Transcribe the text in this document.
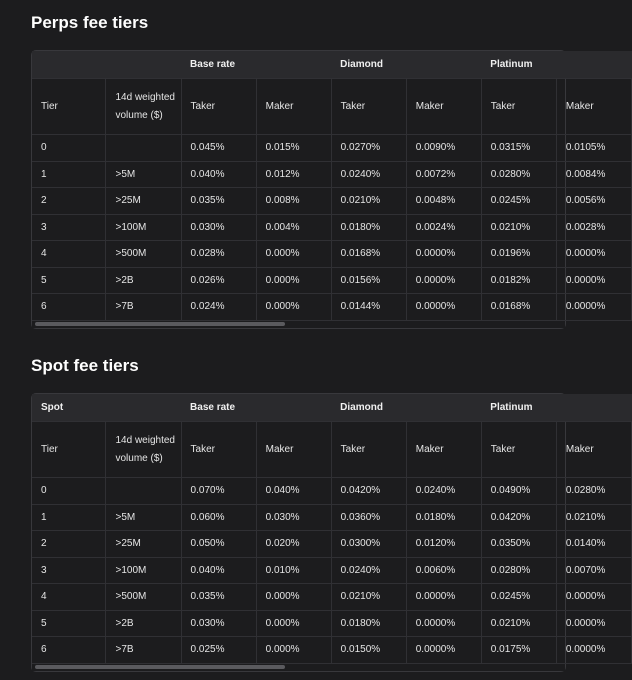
Perps fee tiers
		Base rate		Diamond		Platinum	
Tier	14d weighted volume ($)	Taker	Maker	Taker	Maker	Taker	Maker
0		0.045%	0.015%	0.0270%	0.0090%	0.0315%	0.0105%
1	>5M	0.040%	0.012%	0.0240%	0.0072%	0.0280%	0.0084%
2	>25M	0.035%	0.008%	0.0210%	0.0048%	0.0245%	0.0056%
3	>100M	0.030%	0.004%	0.0180%	0.0024%	0.0210%	0.0028%
4	>500M	0.028%	0.000%	0.0168%	0.0000%	0.0196%	0.0000%
5	>2B	0.026%	0.000%	0.0156%	0.0000%	0.0182%	0.0000%
6	>7B	0.024%	0.000%	0.0144%	0.0000%	0.0168%	0.0000%
Spot fee tiers
Spot		Base rate		Diamond		Platinum	
Tier	14d weighted volume ($)	Taker	Maker	Taker	Maker	Taker	Maker
0		0.070%	0.040%	0.0420%	0.0240%	0.0490%	0.0280%
1	>5M	0.060%	0.030%	0.0360%	0.0180%	0.0420%	0.0210%
2	>25M	0.050%	0.020%	0.0300%	0.0120%	0.0350%	0.0140%
3	>100M	0.040%	0.010%	0.0240%	0.0060%	0.0280%	0.0070%
4	>500M	0.035%	0.000%	0.0210%	0.0000%	0.0245%	0.0000%
5	>2B	0.030%	0.000%	0.0180%	0.0000%	0.0210%	0.0000%
6	>7B	0.025%	0.000%	0.0150%	0.0000%	0.0175%	0.0000%
